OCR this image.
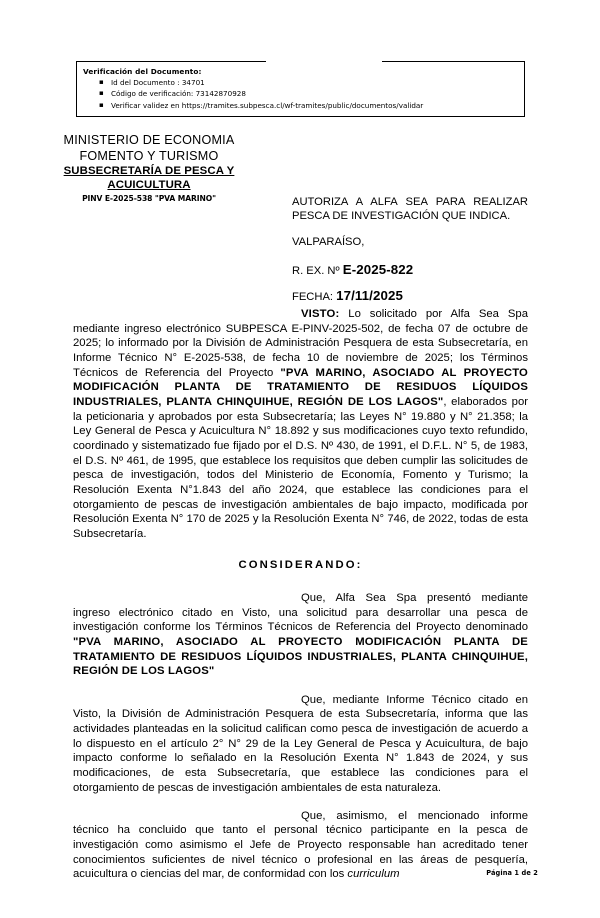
Verificación del Documento:
▪ Id del Documento : 34701
▪ Código de verificación: 73142870928
▪ Verificar validez en https://tramites.subpesca.cl/wf-tramites/public/documentos/validar
MINISTERIO DE ECONOMIA
FOMENTO Y TURISMO
SUBSECRETARÍA DE PESCA Y
ACUICULTURA
PINV E-2025-538 "PVA MARINO"	AUTORIZA A ALFA SEA PARA REALIZAR PESCA DE INVESTIGACIÓN QUE INDICA.
VALPARAÍSO,
R. EX. Nº E-2025-822
FECHA: 17/11/2025

VISTO: Lo solicitado por Alfa Sea Spa mediante ingreso electrónico SUBPESCA E-PINV-2025-502, de fecha 07 de octubre de 2025; lo informado por la División de Administración Pesquera de esta Subsecretaría, en Informe Técnico N° E-2025-538, de fecha 10 de noviembre de 2025; los Términos Técnicos de Referencia del Proyecto "PVA MARINO, ASOCIADO AL PROYECTO MODIFICACIÓN PLANTA DE TRATAMIENTO DE RESIDUOS LÍQUIDOS INDUSTRIALES, PLANTA CHINQUIHUE, REGIÓN DE LOS LAGOS", elaborados por la peticionaria y aprobados por esta Subsecretaría; las Leyes N° 19.880 y N° 21.358; la Ley General de Pesca y Acuicultura N° 18.892 y sus modificaciones cuyo texto refundido, coordinado y sistematizado fue fijado por el D.S. Nº 430, de 1991, el D.F.L. N° 5, de 1983, el D.S. Nº 461, de 1995, que establece los requisitos que deben cumplir las solicitudes de pesca de investigación, todos del Ministerio de Economía, Fomento y Turismo; la Resolución Exenta N°1.843 del año 2024, que establece las condiciones para el otorgamiento de pescas de investigación ambientales de bajo impacto, modificada por Resolución Exenta N° 170 de 2025 y la Resolución Exenta N° 746, de 2022, todas de esta Subsecretaría.

CONSIDERANDO:

Que, Alfa Sea Spa presentó mediante ingreso electrónico citado en Visto, una solicitud para desarrollar una pesca de investigación conforme los Términos Técnicos de Referencia del Proyecto denominado "PVA MARINO, ASOCIADO AL PROYECTO MODIFICACIÓN PLANTA DE TRATAMIENTO DE RESIDUOS LÍQUIDOS INDUSTRIALES, PLANTA CHINQUIHUE, REGIÓN DE LOS LAGOS"

Que, mediante Informe Técnico citado en Visto, la División de Administración Pesquera de esta Subsecretaría, informa que las actividades planteadas en la solicitud califican como pesca de investigación de acuerdo a lo dispuesto en el artículo 2° N° 29 de la Ley General de Pesca y Acuicultura, de bajo impacto conforme lo señalado en la Resolución Exenta N° 1.843 de 2024, y sus modificaciones, de esta Subsecretaría, que establece las condiciones para el otorgamiento de pescas de investigación ambientales de esta naturaleza.

Que, asimismo, el mencionado informe técnico ha concluido que tanto el personal técnico participante en la pesca de investigación como asimismo el Jefe de Proyecto responsable han acreditado tener conocimientos suficientes de nivel técnico o profesional en las áreas de pesquería, acuicultura o ciencias del mar, de conformidad con los curriculum	Página 1 de 2
